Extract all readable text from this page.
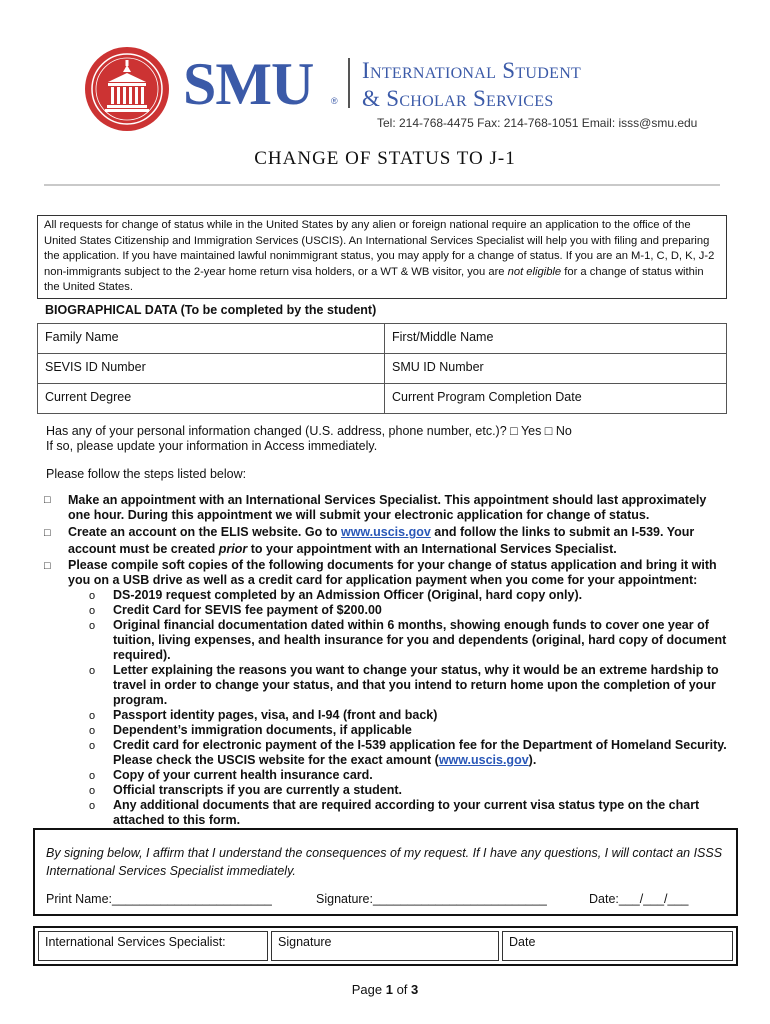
SMU ®
International Student
& Scholar Services
Tel: 214-768-4475 Fax: 214-768-1051 Email: isss@smu.edu
CHANGE OF STATUS TO J-1
All requests for change of status while in the United States by any alien or foreign national require an application to the office of the United States Citizenship and Immigration Services (USCIS). An International Services Specialist will help you with filing and preparing the application. If you have maintained lawful nonimmigrant status, you may apply for a change of status. If you are an M-1, C, D, K, J-2 non-immigrants subject to the 2-year home return visa holders, or a WT & WB visitor, you are not eligible for a change of status within the United States.
BIOGRAPHICAL DATA (To be completed by the student)
Family Name	First/Middle Name
SEVIS ID Number	SMU ID Number
Current Degree	Current Program Completion Date
Has any of your personal information changed (U.S. address, phone number, etc.)? □ Yes □ No
If so, please update your information in Access immediately.
Please follow the steps listed below:
□ Make an appointment with an International Services Specialist. This appointment should last approximately one hour. During this appointment we will submit your electronic application for change of status.
□ Create an account on the ELIS website. Go to www.uscis.gov and follow the links to submit an I-539. Your account must be created prior to your appointment with an International Services Specialist.
□ Please compile soft copies of the following documents for your change of status application and bring it with you on a USB drive as well as a credit card for application payment when you come for your appointment:
o DS-2019 request completed by an Admission Officer (Original, hard copy only).
o Credit Card for SEVIS fee payment of $200.00
o Original financial documentation dated within 6 months, showing enough funds to cover one year of tuition, living expenses, and health insurance for you and dependents (original, hard copy of document required).
o Letter explaining the reasons you want to change your status, why it would be an extreme hardship to travel in order to change your status, and that you intend to return home upon the completion of your program.
o Passport identity pages, visa, and I-94 (front and back)
o Dependent’s immigration documents, if applicable
o Credit card for electronic payment of the I-539 application fee for the Department of Homeland Security. Please check the USCIS website for the exact amount (www.uscis.gov).
o Copy of your current health insurance card.
o Official transcripts if you are currently a student.
o Any additional documents that are required according to your current visa status type on the chart attached to this form.
By signing below, I affirm that I understand the consequences of my request. If I have any questions, I will contact an ISSS International Services Specialist immediately.
Print Name:_______________________	Signature:_________________________	Date:___/___/___
International Services Specialist:	Signature	Date
Page 1 of 3
